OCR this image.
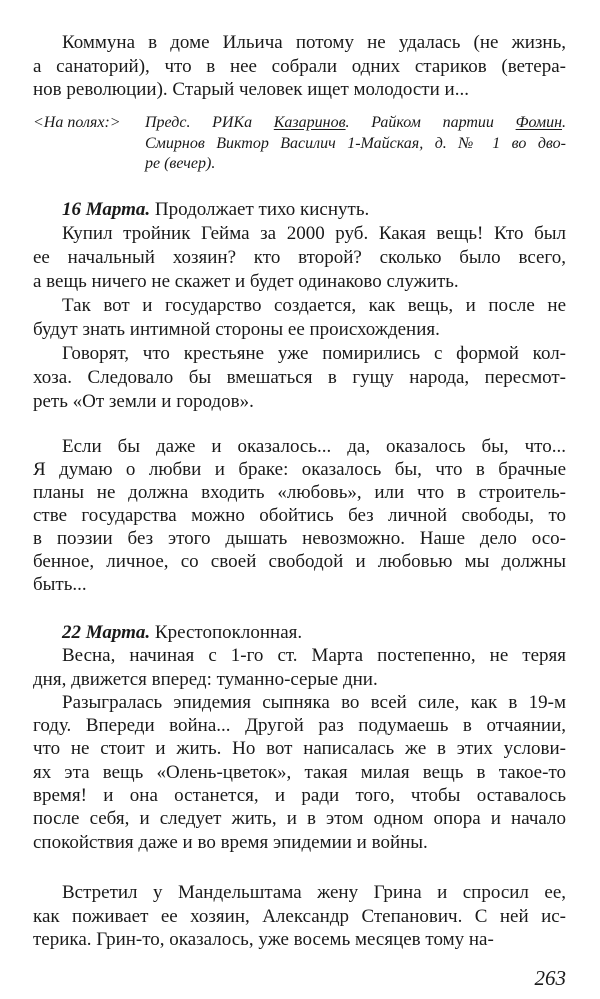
Коммуна в доме Ильича потому не удалась (не жизнь,
а санаторий), что в нее собрали одних стариков (ветера-
нов революции). Старый человек ищет молодости и...
<На полях:> Предс. РИКа Казаринов. Райком партии Фомин.
Смирнов Виктор Василич 1-Майская, д. № 1 во дво-
ре (вечер).
16 Марта. Продолжает тихо киснуть.
Купил тройник Гейма за 2000 руб. Какая вещь! Кто был
ее начальный хозяин? кто второй? сколько было всего,
а вещь ничего не скажет и будет одинаково служить.
Так вот и государство создается, как вещь, и после не
будут знать интимной стороны ее происхождения.
Говорят, что крестьяне уже помирились с формой кол-
хоза. Следовало бы вмешаться в гущу народа, пересмот-
реть «От земли и городов».
Если бы даже и оказалось... да, оказалось бы, что...
Я думаю о любви и браке: оказалось бы, что в брачные
планы не должна входить «любовь», или что в строитель-
стве государства можно обойтись без личной свободы, то
в поэзии без этого дышать невозможно. Наше дело осо-
бенное, личное, со своей свободой и любовью мы должны
быть...
22 Марта. Крестопоклонная.
Весна, начиная с 1-го ст. Марта постепенно, не теряя
дня, движется вперед: туманно-серые дни.
Разыгралась эпидемия сыпняка во всей силе, как в 19-м
году. Впереди война... Другой раз подумаешь в отчаянии,
что не стоит и жить. Но вот написалась же в этих услови-
ях эта вещь «Олень-цветок», такая милая вещь в такое-то
время! и она останется, и ради того, чтобы оставалось
после себя, и следует жить, и в этом одном опора и начало
спокойствия даже и во время эпидемии и войны.
Встретил у Мандельштама жену Грина и спросил ее,
как поживает ее хозяин, Александр Степанович. С ней ис-
терика. Грин-то, оказалось, уже восемь месяцев тому на-
263
